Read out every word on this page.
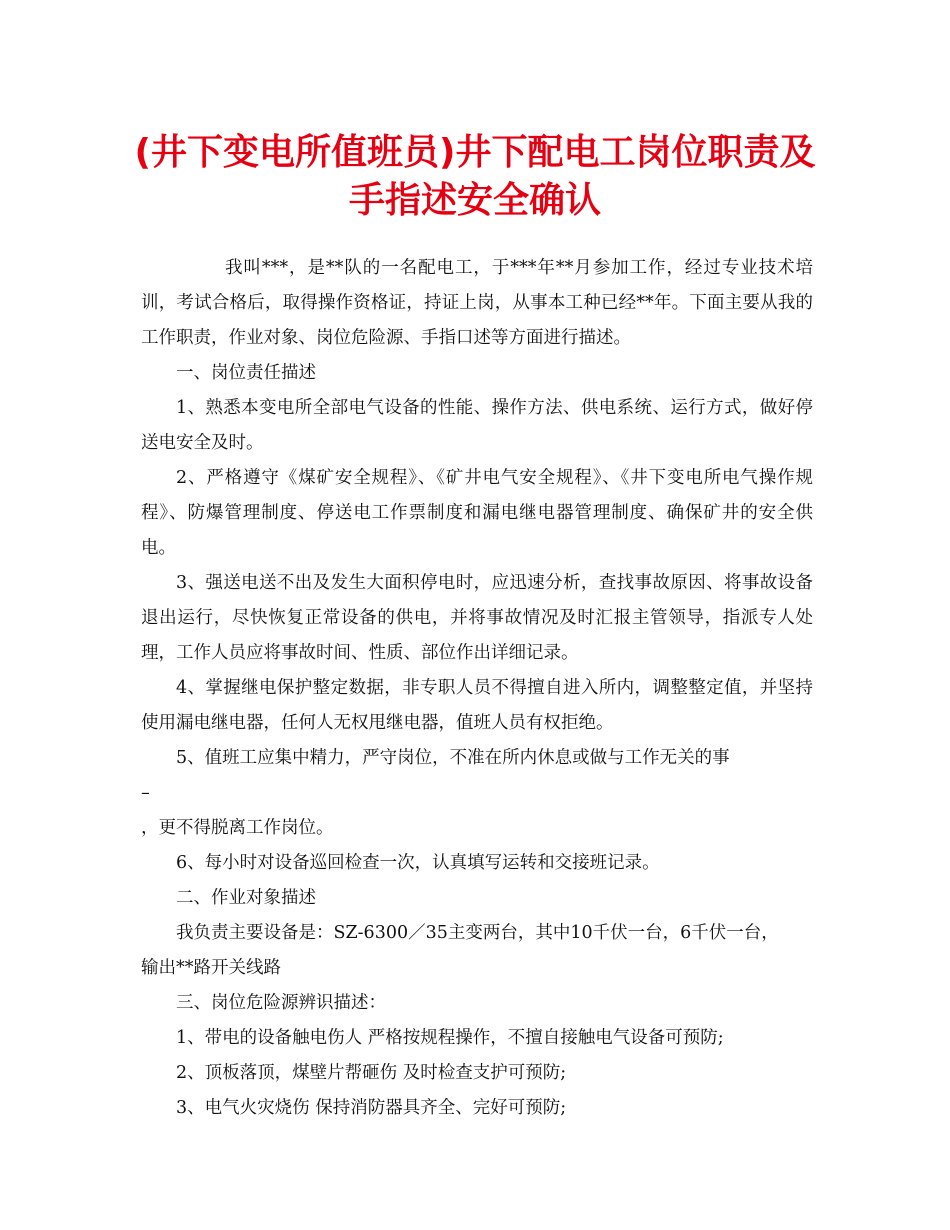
(井下变电所值班员)井下配电工岗位职责及
手指述安全确认

我叫***，是**队的一名配电工，于***年**月参加工作，经过专业技术培训，考试合格后，取得操作资格证，持证上岗，从事本工种已经**年。下面主要从我的工作职责，作业对象、岗位危险源、手指口述等方面进行描述。

一、岗位责任描述

1、熟悉本变电所全部电气设备的性能、操作方法、供电系统、运行方式，做好停送电安全及时。

2、严格遵守《煤矿安全规程》、《矿井电气安全规程》、《井下变电所电气操作规程》、防爆管理制度、停送电工作票制度和漏电继电器管理制度、确保矿井的安全供电。

3、强送电送不出及发生大面积停电时，应迅速分析，查找事故原因、将事故设备退出运行，尽快恢复正常设备的供电，并将事故情况及时汇报主管领导，指派专人处理，工作人员应将事故时间、性质、部位作出详细记录。

4、掌握继电保护整定数据，非专职人员不得擅自进入所内，调整整定值，并坚持使用漏电继电器，任何人无权甩继电器，值班人员有权拒绝。

5、值班工应集中精力，严守岗位，不准在所内休息或做与工作无关的事

–

，更不得脱离工作岗位。

6、每小时对设备巡回检查一次，认真填写运转和交接班记录。

二、作业对象描述

我负责主要设备是：SZ-6300／35主变两台，其中10千伏一台，6千伏一台，

输出**路开关线路

三、岗位危险源辨识描述：

1、带电的设备触电伤人 严格按规程操作，不擅自接触电气设备可预防;

2、顶板落顶，煤壁片帮砸伤 及时检查支护可预防;

3、电气火灾烧伤 保持消防器具齐全、完好可预防;
